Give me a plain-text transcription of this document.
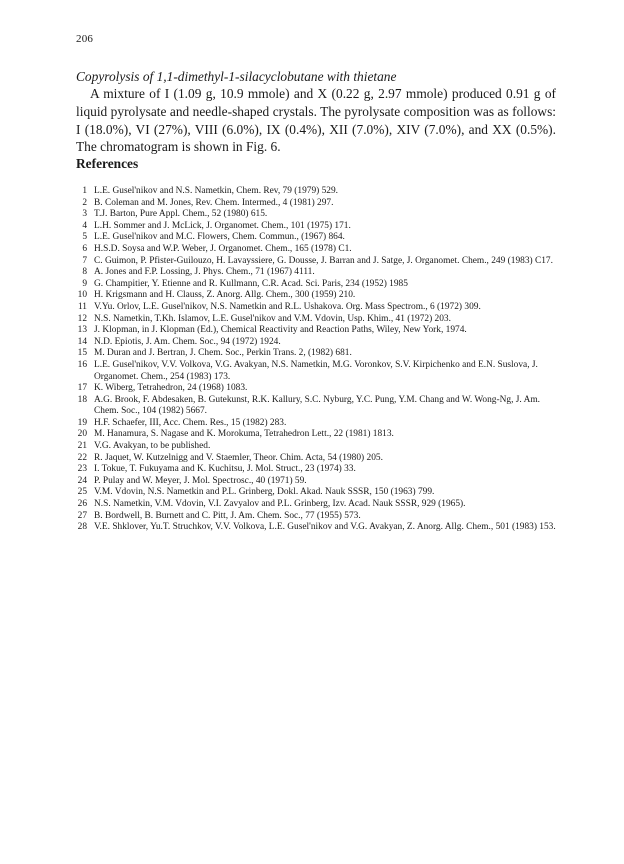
206

Copyrolysis of 1,1-dimethyl-1-silacyclobutane with thietane

A mixture of I (1.09 g, 10.9 mmole) and X (0.22 g, 2.97 mmole) produced 0.91 g of liquid pyrolysate and needle-shaped crystals. The pyrolysate composition was as follows: I (18.0%), VI (27%), VIII (6.0%), IX (0.4%), XII (7.0%), XIV (7.0%), and XX (0.5%). The chromatogram is shown in Fig. 6.

References
1 L.E. Gusel'nikov and N.S. Nametkin, Chem. Rev, 79 (1979) 529.
2 B. Coleman and M. Jones, Rev. Chem. Intermed., 4 (1981) 297.
3 T.J. Barton, Pure Appl. Chem., 52 (1980) 615.
4 L.H. Sommer and J. McLick, J. Organomet. Chem., 101 (1975) 171.
5 L.E. Gusel'nikov and M.C. Flowers, Chem. Commun., (1967) 864.
6 H.S.D. Soysa and W.P. Weber, J. Organomet. Chem., 165 (1978) C1.
7 C. Guimon, P. Pfister-Guilouzo, H. Lavayssiere, G. Dousse, J. Barran and J. Satge, J. Organomet. Chem., 249 (1983) C17.
8 A. Jones and F.P. Lossing, J. Phys. Chem., 71 (1967) 4111.
9 G. Champitier, Y. Etienne and R. Kullmann, C.R. Acad. Sci. Paris, 234 (1952) 1985
10 H. Krigsmann and H. Clauss, Z. Anorg. Allg. Chem., 300 (1959) 210.
11 V.Yu. Orlov, L.E. Gusel'nikov, N.S. Nametkin and R.L. Ushakova. Org. Mass Spectrom., 6 (1972) 309.
12 N.S. Nametkin, T.Kh. Islamov, L.E. Gusel'nikov and V.M. Vdovin, Usp. Khim., 41 (1972) 203.
13 J. Klopman, in J. Klopman (Ed.), Chemical Reactivity and Reaction Paths, Wiley, New York, 1974.
14 N.D. Epiotis, J. Am. Chem. Soc., 94 (1972) 1924.
15 M. Duran and J. Bertran, J. Chem. Soc., Perkin Trans. 2, (1982) 681.
16 L.E. Gusel'nikov, V.V. Volkova, V.G. Avakyan, N.S. Nametkin, M.G. Voronkov, S.V. Kirpichenko and E.N. Suslova, J. Organomet. Chem., 254 (1983) 173.
17 K. Wiberg, Tetrahedron, 24 (1968) 1083.
18 A.G. Brook, F. Abdesaken, B. Gutekunst, R.K. Kallury, S.C. Nyburg, Y.C. Pung, Y.M. Chang and W. Wong-Ng, J. Am. Chem. Soc., 104 (1982) 5667.
19 H.F. Schaefer, III, Acc. Chem. Res., 15 (1982) 283.
20 M. Hanamura, S. Nagase and K. Morokuma, Tetrahedron Lett., 22 (1981) 1813.
21 V.G. Avakyan, to be published.
22 R. Jaquet, W. Kutzelnigg and V. Staemler, Theor. Chim. Acta, 54 (1980) 205.
23 I. Tokue, T. Fukuyama and K. Kuchitsu, J. Mol. Struct., 23 (1974) 33.
24 P. Pulay and W. Meyer, J. Mol. Spectrosc., 40 (1971) 59.
25 V.M. Vdovin, N.S. Nametkin and P.L. Grinberg, Dokl. Akad. Nauk SSSR, 150 (1963) 799.
26 N.S. Nametkin, V.M. Vdovin, V.I. Zavyalov and P.L. Grinberg, Izv. Acad. Nauk SSSR, 929 (1965).
27 B. Bordwell, B. Burnett and C. Pitt, J. Am. Chem. Soc., 77 (1955) 573.
28 V.E. Shklover, Yu.T. Struchkov, V.V. Volkova, L.E. Gusel'nikov and V.G. Avakyan, Z. Anorg. Allg. Chem., 501 (1983) 153.
